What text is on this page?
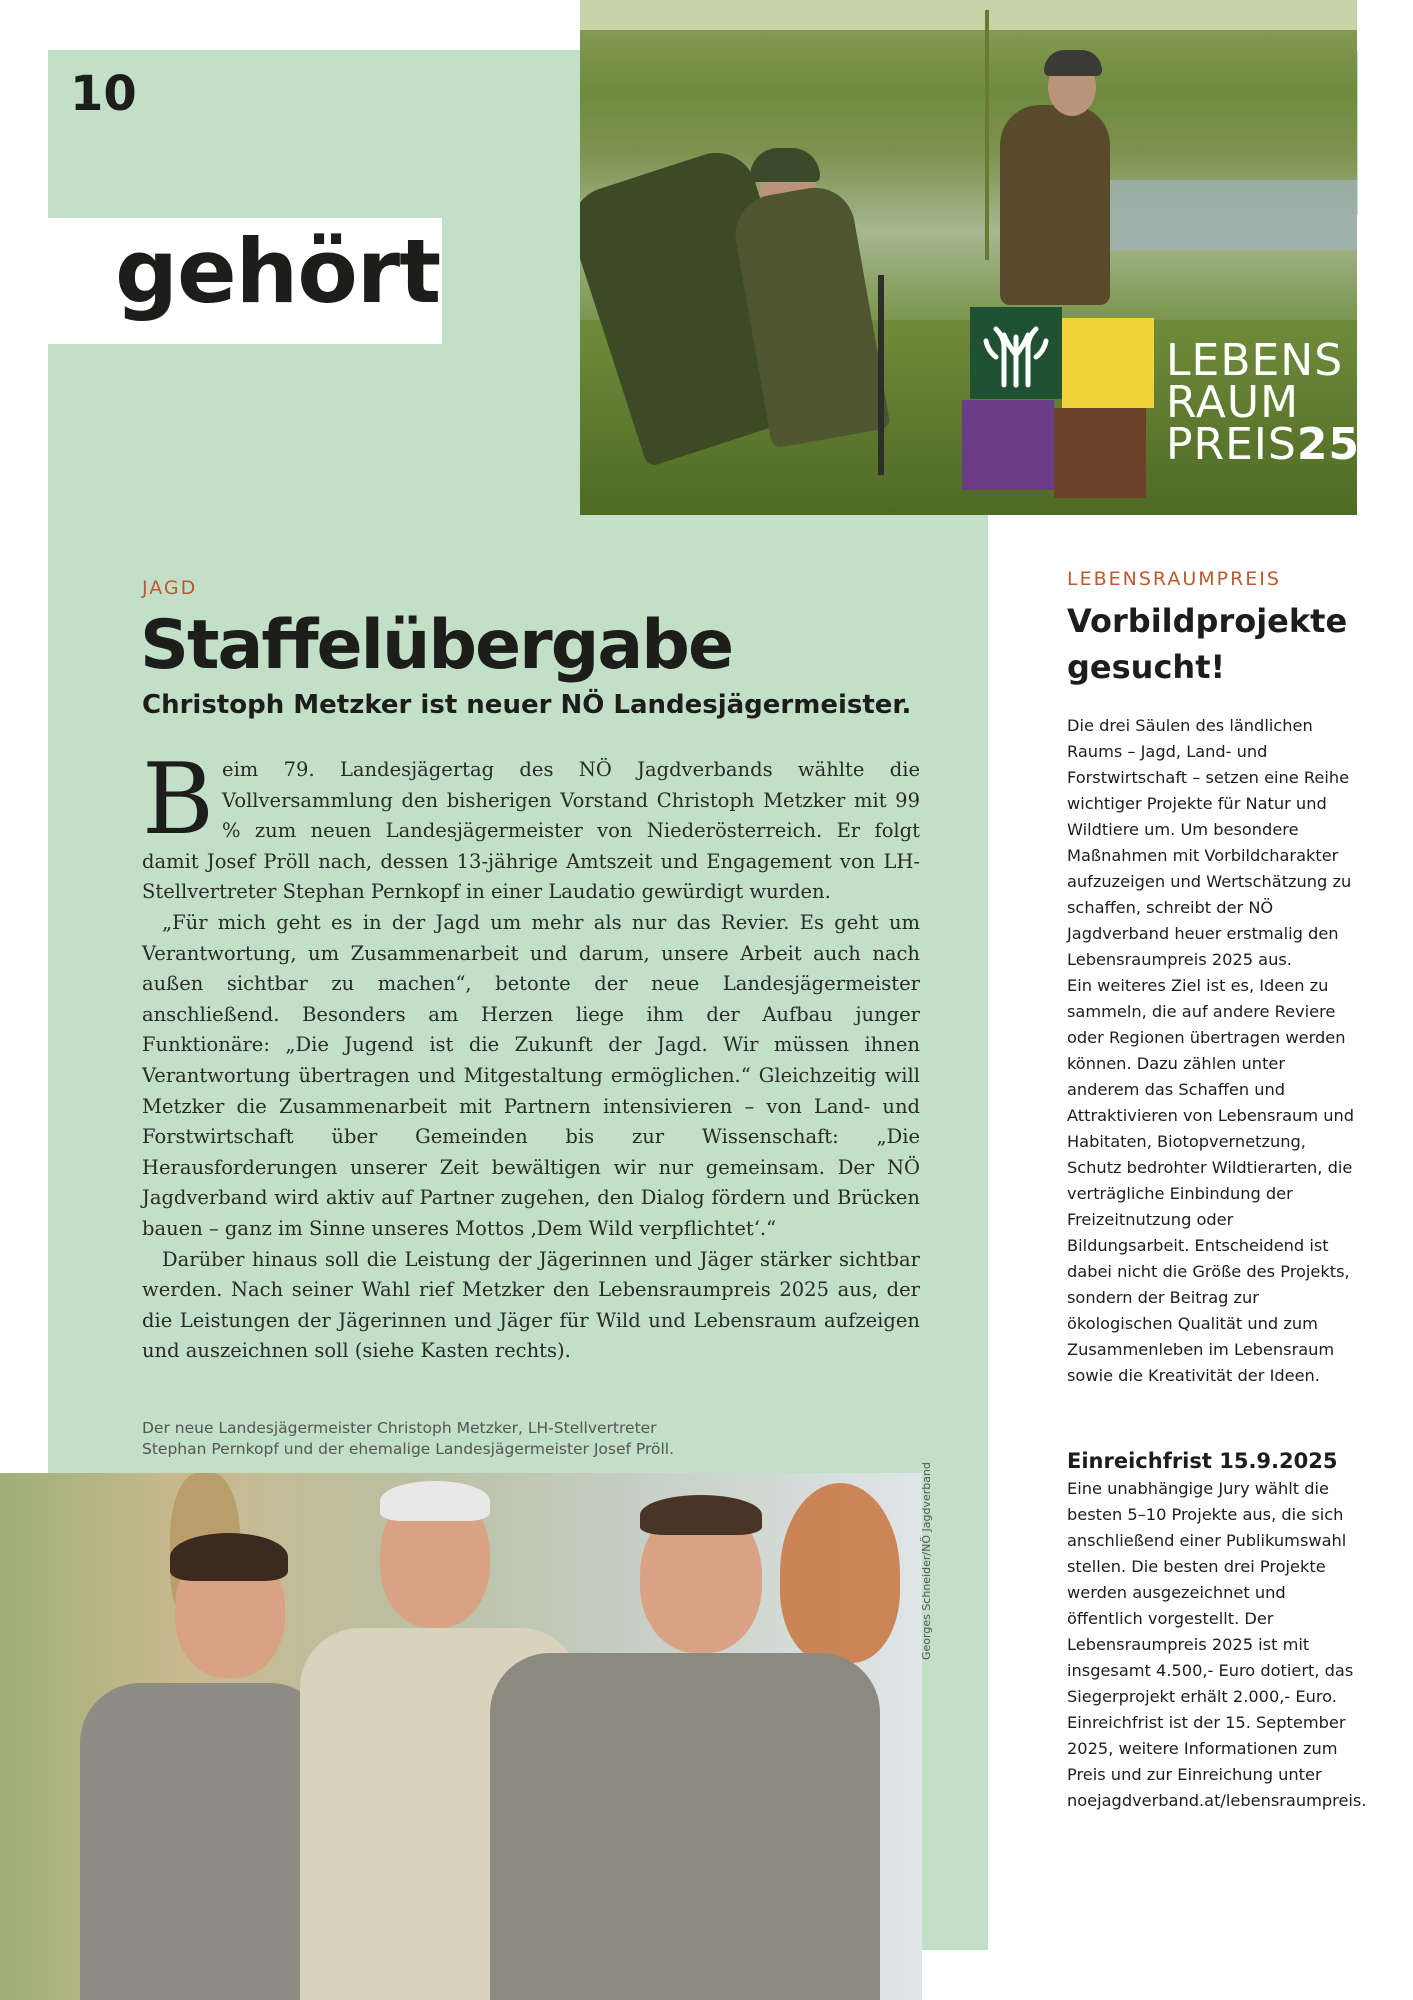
10
gehört
LEBENS
RAUM
PREIS25
JAGD
Staffelübergabe
Christoph Metzker ist neuer NÖ Landesjägermeister.

Beim 79. Landesjägertag des NÖ Jagdverbands wählte die Vollversammlung den bisherigen Vorstand Christoph Metzker mit 99 % zum neuen Landesjägermeister von Niederösterreich. Er folgt damit Josef Pröll nach, dessen 13-jährige Amtszeit und Engagement von LH-Stellvertreter Stephan Pernkopf in einer Laudatio gewürdigt wurden.

„Für mich geht es in der Jagd um mehr als nur das Revier. Es geht um Verantwortung, um Zusammenarbeit und darum, unsere Arbeit auch nach außen sichtbar zu machen“, betonte der neue Landesjägermeister anschließend. Besonders am Herzen liege ihm der Aufbau junger Funktionäre: „Die Jugend ist die Zukunft der Jagd. Wir müssen ihnen Verantwortung übertragen und Mitgestaltung ermöglichen.“ Gleichzeitig will Metzker die Zusammenarbeit mit Partnern intensivieren – von Land- und Forstwirtschaft über Gemeinden bis zur Wissenschaft: „Die Herausforderungen unserer Zeit bewältigen wir nur gemeinsam. Der NÖ Jagdverband wird aktiv auf Partner zugehen, den Dialog fördern und Brücken bauen – ganz im Sinne unseres Mottos ‚Dem Wild verpflichtet‘.“

Darüber hinaus soll die Leistung der Jägerinnen und Jäger stärker sichtbar werden. Nach seiner Wahl rief Metzker den Lebensraumpreis 2025 aus, der die Leistungen der Jägerinnen und Jäger für Wild und Lebensraum aufzeigen und auszeichnen soll (siehe Kasten rechts).

Der neue Landesjägermeister Christoph Metzker, LH-Stellvertreter
Stephan Pernkopf und der ehemalige Landesjägermeister Josef Pröll.
Georges Schneider/NÖ Jagdverband
LEBENSRAUMPREIS
Vorbildprojekte
gesucht!

Die drei Säulen des ländlichen Raums – Jagd, Land- und Forstwirtschaft – setzen eine Reihe wichtiger Projekte für Natur und Wildtiere um. Um besondere Maßnahmen mit Vorbildcharakter aufzuzeigen und Wertschätzung zu schaffen, schreibt der NÖ Jagdverband heuer erstmalig den Lebensraumpreis 2025 aus.

Ein weiteres Ziel ist es, Ideen zu sammeln, die auf andere Reviere oder Regionen übertragen werden können. Dazu zählen unter anderem das Schaffen und Attraktivieren von Lebensraum und Habitaten, Biotopvernetzung, Schutz bedrohter Wildtierarten, die verträgliche Einbindung der Freizeitnutzung oder Bildungsarbeit. Entscheidend ist dabei nicht die Größe des Projekts, sondern der Beitrag zur ökologischen Qualität und zum Zusammenleben im Lebensraum sowie die Kreativität der Ideen.

Einreichfrist 15.9.2025

Eine unabhängige Jury wählt die besten 5–10 Projekte aus, die sich anschließend einer Publikumswahl stellen. Die besten drei Projekte werden ausgezeichnet und öffentlich vorgestellt. Der Lebensraumpreis 2025 ist mit insgesamt 4.500,- Euro dotiert, das Siegerprojekt erhält 2.000,- Euro. Einreichfrist ist der 15. September 2025, weitere Informationen zum Preis und zur Einreichung unter noejagdverband.at/lebensraumpreis.
